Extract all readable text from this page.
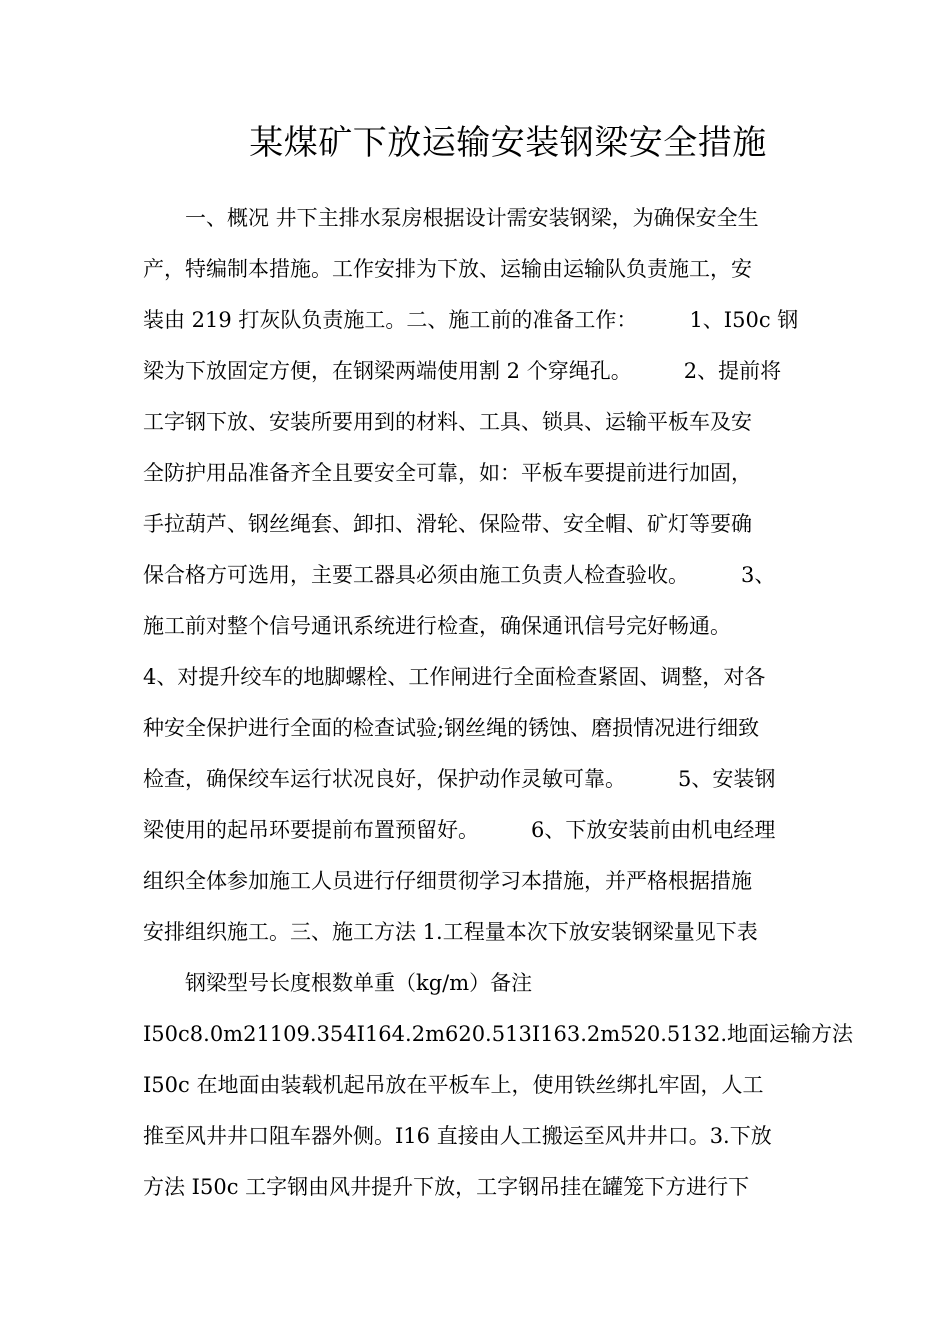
某煤矿下放运输安装钢梁安全措施
　　一、概况 井下主排水泵房根据设计需安装钢梁，为确保安全生
产，特编制本措施。工作安排为下放、运输由运输队负责施工，安
装由 219 打灰队负责施工。二、施工前的准备工作： 1、I50c 钢
梁为下放固定方便，在钢梁两端使用割 2 个穿绳孔。 2、提前将
工字钢下放、安装所要用到的材料、工具、锁具、运输平板车及安
全防护用品准备齐全且要安全可靠，如：平板车要提前进行加固，
手拉葫芦、钢丝绳套、卸扣、滑轮、保险带、安全帽、矿灯等要确
保合格方可选用，主要工器具必须由施工负责人检查验收。 3、
施工前对整个信号通讯系统进行检查，确保通讯信号完好畅通。
4、对提升绞车的地脚螺栓、工作闸进行全面检查紧固、调整，对各
种安全保护进行全面的检查试验;钢丝绳的锈蚀、磨损情况进行细致
检查，确保绞车运行状况良好，保护动作灵敏可靠。 5、安装钢
梁使用的起吊环要提前布置预留好。 6、下放安装前由机电经理
组织全体参加施工人员进行仔细贯彻学习本措施，并严格根据措施
安排组织施工。三、施工方法 1.工程量本次下放安装钢梁量见下表
　　钢梁型号长度根数单重（kg/m）备注
I50c8.0m21109.354I164.2m620.513I163.2m520.5132.地面运输方法
I50c 在地面由装载机起吊放在平板车上，使用铁丝绑扎牢固，人工
推至风井井口阻车器外侧。I16 直接由人工搬运至风井井口。3.下放
方法 I50c 工字钢由风井提升下放，工字钢吊挂在罐笼下方进行下
